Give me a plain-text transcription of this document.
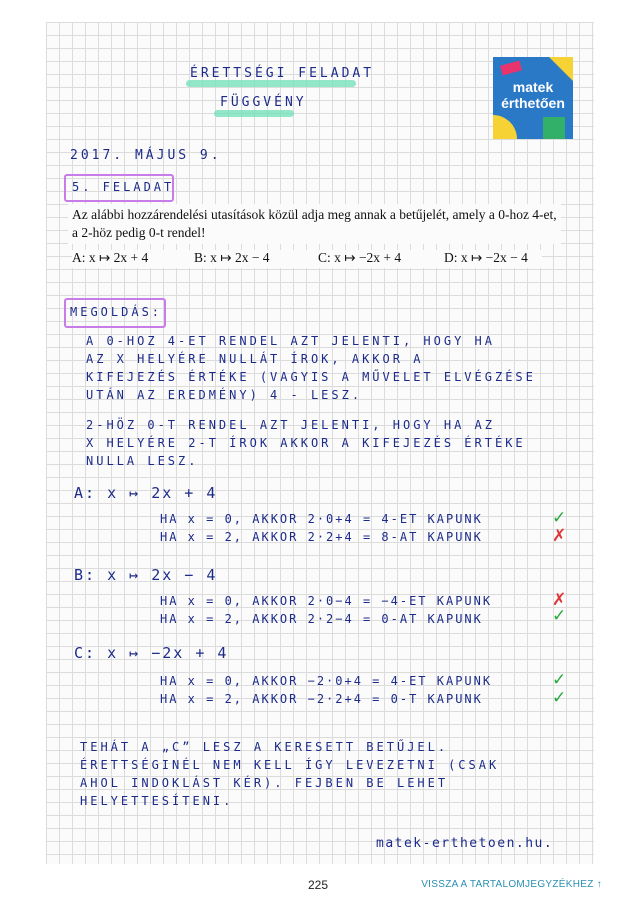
matek
érthetően
ÉRETTSÉGI FELADAT
FÜGGVÉNY
2017. MÁJUS 9.
5. FELADAT
Az alábbi hozzárendelési utasítások közül adja meg annak a betűjelét, amely a 0-hoz 4-et,
a 2-höz pedig 0-t rendel!
A: x ↦ 2x + 4	B: x ↦ 2x − 4	C: x ↦ −2x + 4	D: x ↦ −2x − 4
MEGOLDÁS:
A 0-HOZ 4-ET RENDEL AZT JELENTI, HOGY HA
AZ X HELYÉRE NULLÁT ÍROK, AKKOR A
KIFEJEZÉS ÉRTÉKE (VAGYIS A MŰVELET ELVÉGZÉSE
UTÁN AZ EREDMÉNY) 4 - LESZ.
2-HÖZ 0-T RENDEL AZT JELENTI, HOGY HA AZ
X HELYÉRE 2-T ÍROK AKKOR A KIFEJEZÉS ÉRTÉKE
NULLA LESZ.
A: x ↦ 2x + 4
HA x = 0, AKKOR 2·0+4 = 4-ET KAPUNK
HA x = 2, AKKOR 2·2+4 = 8-AT KAPUNK
✓
✗
B: x ↦ 2x − 4
HA x = 0, AKKOR 2·0−4 = −4-ET KAPUNK
HA x = 2, AKKOR 2·2−4 = 0-AT KAPUNK
✗
✓
C: x ↦ −2x + 4
HA x = 0, AKKOR −2·0+4 = 4-ET KAPUNK
HA x = 2, AKKOR −2·2+4 = 0-T KAPUNK
✓
✓
TEHÁT A „C” LESZ A KERESETT BETŰJEL.
ÉRETTSÉGINÉL NEM KELL ÍGY LEVEZETNI (CSAK
AHOL INDOKLÁST KÉR). FEJBEN BE LEHET
HELYETTESÍTENI.
matek-erthetoen.hu.
225	VISSZA A TARTALOMJEGYZÉKHEZ ↑
